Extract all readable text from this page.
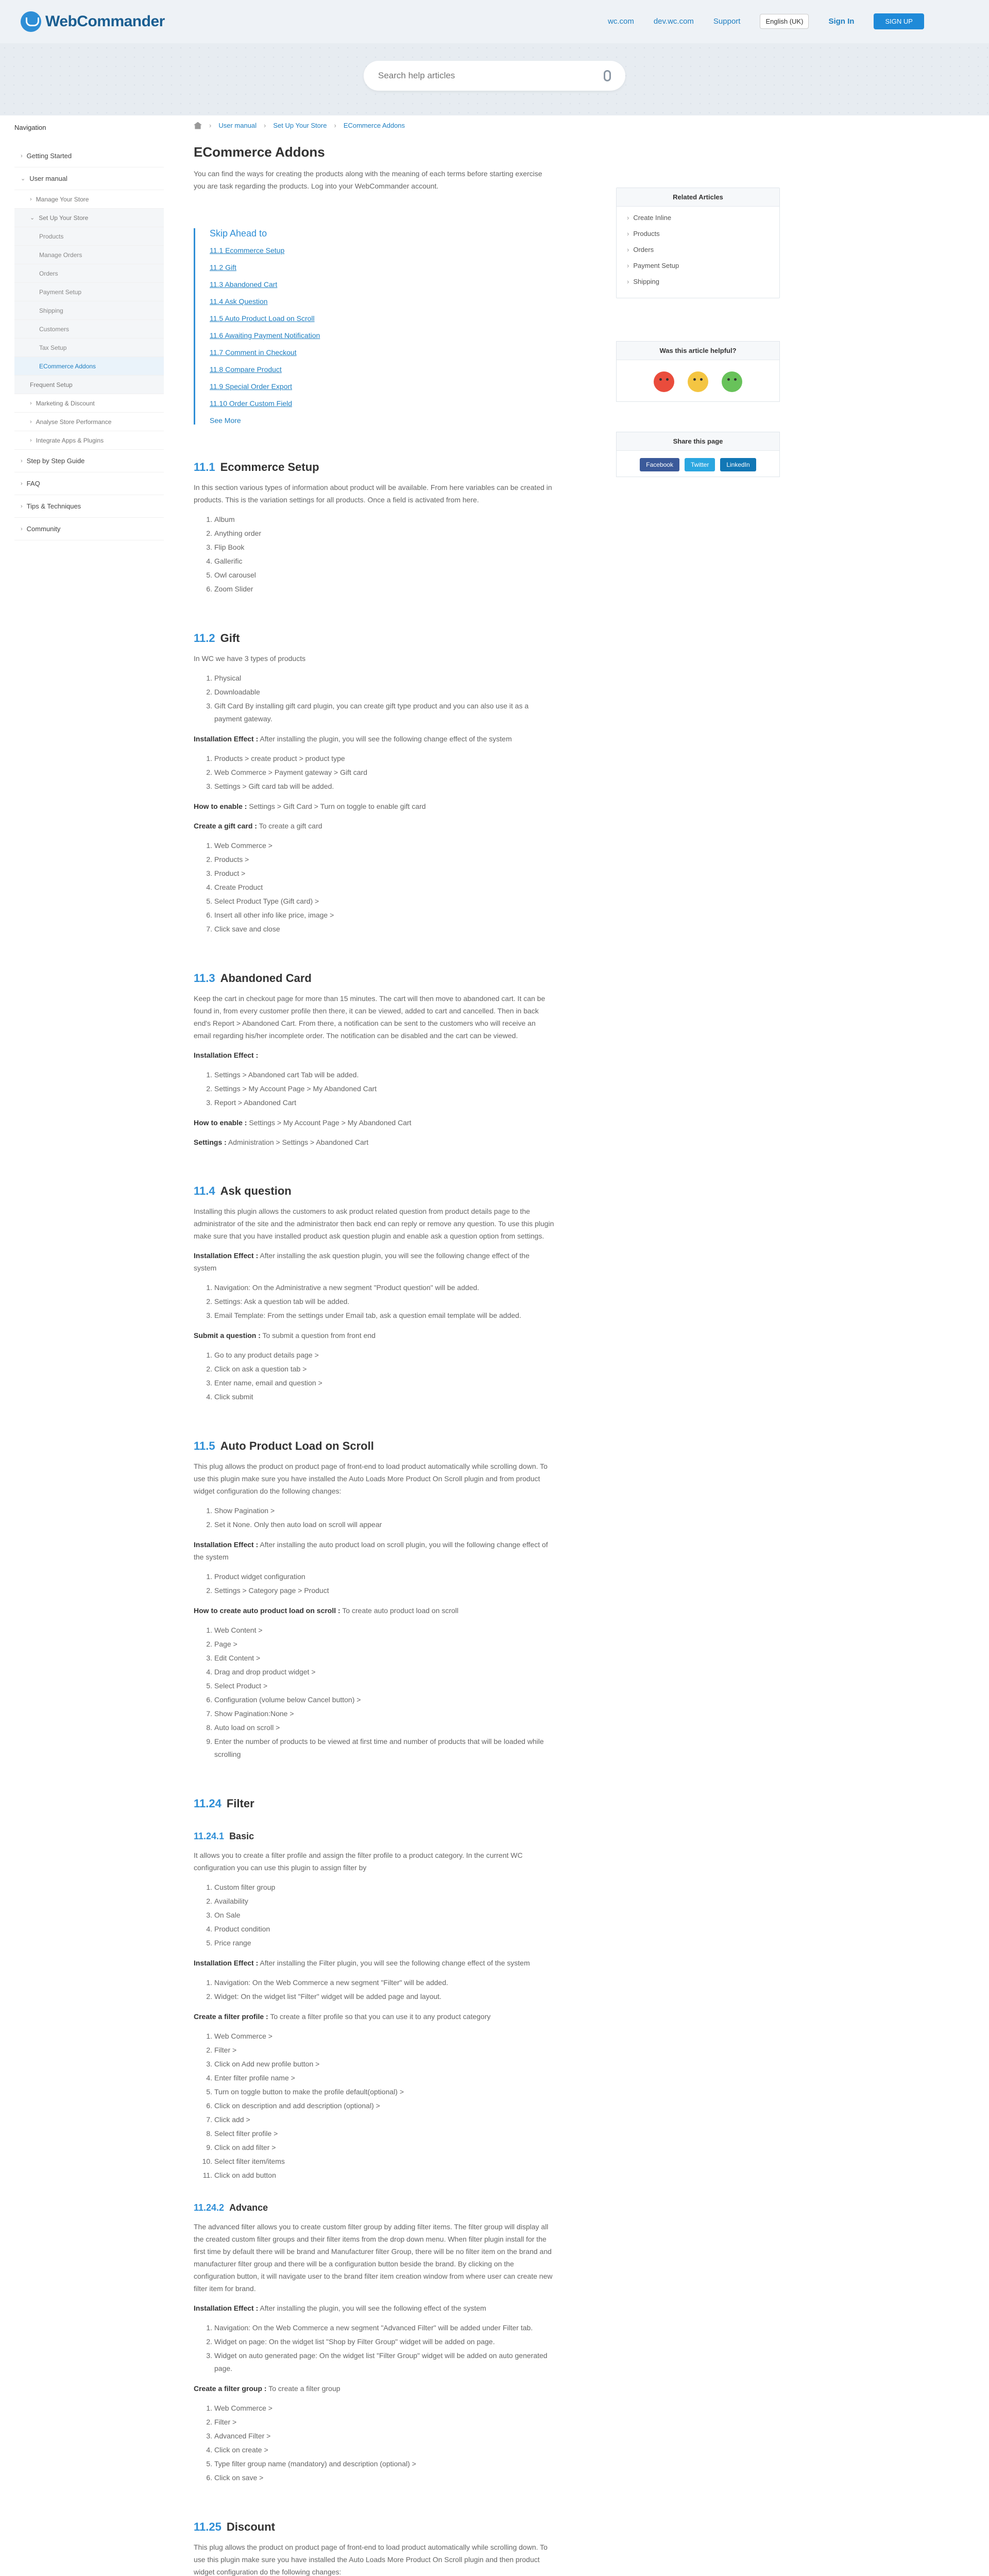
WebCommander	wc.com	dev.wc.com	Support	English (UK)	Sign In	SIGN UP
Search help articles
Navigation
› Getting Started
⌄ User manual
› Manage Your Store
⌄ Set Up Your Store
Products
Manage Orders
Orders
Payment Setup
Shipping
Customers
Tax Setup
ECommerce Addons
Frequent Setup
› Marketing & Discount
› Analyse Store Performance
› Integrate Apps & Plugins
› Step by Step Guide
› FAQ
› Tips & Techniques
› Community
› User manual › Set Up Your Store › ECommerce Addons
ECommerce Addons

You can find the ways for creating the products along with the meaning of each terms before starting exercise you are task regarding the products. Log into your WebCommander account.

Skip Ahead to
11.1 Ecommerce Setup
11.2 Gift
11.3 Abandoned Cart
11.4 Ask Question
11.5 Auto Product Load on Scroll
11.6 Awaiting Payment Notification
11.7 Comment in Checkout
11.8 Compare Product
11.9 Special Order Export
11.10 Order Custom Field
See More
11.1 Ecommerce Setup

In this section various types of information about product will be available. From here variables can be created in products. This is the variation settings for all products. Once a field is activated from here.

1. Album
2. Anything order
3. Flip Book
4. Gallerific
5. Owl carousel
6. Zoom Slider
11.2 Gift

In WC we have 3 types of products

1. Physical
2. Downloadable
3. Gift Card By installing gift card plugin, you can create gift type product and you can also use it as a payment gateway.

Installation Effect : After installing the plugin, you will see the following change effect of the system

1. Products > create product > product type
2. Web Commerce > Payment gateway > Gift card
3. Settings > Gift card tab will be added.

How to enable : Settings > Gift Card > Turn on toggle to enable gift card

Create a gift card : To create a gift card

1. Web Commerce >
2. Products >
3. Product >
4. Create Product
5. Select Product Type (Gift card) >
6. Insert all other info like price, image >
7. Click save and close
11.3 Abandoned Card

Keep the cart in checkout page for more than 15 minutes. The cart will then move to abandoned cart. It can be found in, from every customer profile then there, it can be viewed, added to cart and cancelled. Then in back end's Report > Abandoned Cart. From there, a notification can be sent to the customers who will receive an email regarding his/her incomplete order. The notification can be disabled and the cart can be viewed.

Installation Effect :

1. Settings > Abandoned cart Tab will be added.
2. Settings > My Account Page > My Abandoned Cart
3. Report > Abandoned Cart

How to enable : Settings > My Account Page > My Abandoned Cart

Settings : Administration > Settings > Abandoned Cart

11.4 Ask question

Installing this plugin allows the customers to ask product related question from product details page to the administrator of the site and the administrator then back end can reply or remove any question. To use this plugin make sure that you have installed product ask question plugin and enable ask a question option from settings.

Installation Effect : After installing the ask question plugin, you will see the following change effect of the system

1. Navigation: On the Administrative a new segment "Product question" will be added.
2. Settings: Ask a question tab will be added.
3. Email Template: From the settings under Email tab, ask a question email template will be added.

Submit a question : To submit a question from front end

1. Go to any product details page >
2. Click on ask a question tab >
3. Enter name, email and question >
4. Click submit
11.5 Auto Product Load on Scroll

This plug allows the product on product page of front-end to load product automatically while scrolling down. To use this plugin make sure you have installed the Auto Loads More Product On Scroll plugin and from product widget configuration do the following changes:

1. Show Pagination >
2. Set it None. Only then auto load on scroll will appear

Installation Effect : After installing the auto product load on scroll plugin, you will the following change effect of the system

1. Product widget configuration
2. Settings > Category page > Product

How to create auto product load on scroll : To create auto product load on scroll

1. Web Content >
2. Page >
3. Edit Content >
4. Drag and drop product widget >
5. Select Product >
6. Configuration (volume below Cancel button) >
7. Show Pagination:None >
8. Auto load on scroll >
9. Enter the number of products to be viewed at first time and number of products that will be loaded while scrolling
11.24 Filter
11.24.1 Basic

It allows you to create a filter profile and assign the filter profile to a product category. In the current WC configuration you can use this plugin to assign filter by

1. Custom filter group
2. Availability
3. On Sale
4. Product condition
5. Price range

Installation Effect : After installing the Filter plugin, you will see the following change effect of the system

1. Navigation: On the Web Commerce a new segment "Filter" will be added.
2. Widget: On the widget list "Filter" widget will be added page and layout.

Create a filter profile : To create a filter profile so that you can use it to any product category

1. Web Commerce >
2. Filter >
3. Click on Add new profile button >
4. Enter filter profile name >
5. Turn on toggle button to make the profile default(optional) >
6. Click on description and add description (optional) >
7. Click add >
8. Select filter profile >
9. Click on add filter >
10. Select filter item/items
11. Click on add button
11.24.2 Advance

The advanced filter allows you to create custom filter group by adding filter items. The filter group will display all the created custom filter groups and their filter items from the drop down menu. When filter plugin install for the first time by default there will be brand and Manufacturer filter Group, there will be no filter item on the brand and manufacturer filter group and there will be a configuration button beside the brand. By clicking on the configuration button, it will navigate user to the brand filter item creation window from where user can create new filter item for brand.

Installation Effect : After installing the plugin, you will see the following effect of the system

1. Navigation: On the Web Commerce a new segment "Advanced Filter" will be added under Filter tab.
2. Widget on page: On the widget list "Shop by Filter Group" widget will be added on page.
3. Widget on auto generated page: On the widget list "Filter Group" widget will be added on auto generated page.

Create a filter group : To create a filter group

1. Web Commerce >
2. Filter >
3. Advanced Filter >
4. Click on create >
5. Type filter group name (mandatory) and description (optional) >
6. Click on save >
11.25 Discount

This plug allows the product on product page of front-end to load product automatically while scrolling down. To use this plugin make sure you have installed the Auto Loads More Product On Scroll plugin and then product widget configuration do the following changes:

Related Articles
› Create Inline
› Products
› Orders
› Payment Setup
› Shipping
Was this article helpful?
Share this page
Facebook	Twitter	LinkedIn
